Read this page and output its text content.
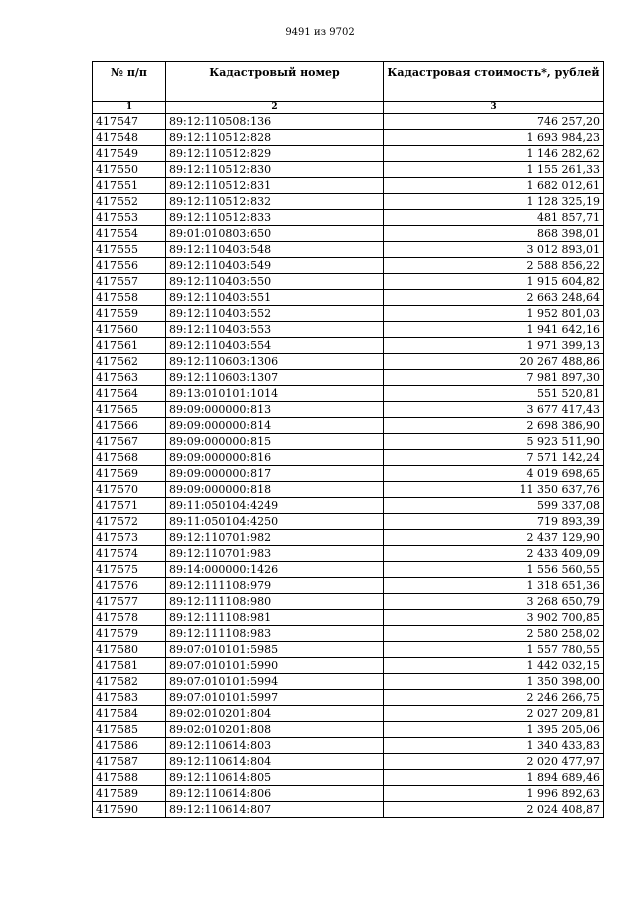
9491 из 9702
№ п/п	Кадастровый номер	Кадастровая стоимость*, рублей
1	2	3
417547	89:12:110508:136	746 257,20
417548	89:12:110512:828	1 693 984,23
417549	89:12:110512:829	1 146 282,62
417550	89:12:110512:830	1 155 261,33
417551	89:12:110512:831	1 682 012,61
417552	89:12:110512:832	1 128 325,19
417553	89:12:110512:833	481 857,71
417554	89:01:010803:650	868 398,01
417555	89:12:110403:548	3 012 893,01
417556	89:12:110403:549	2 588 856,22
417557	89:12:110403:550	1 915 604,82
417558	89:12:110403:551	2 663 248,64
417559	89:12:110403:552	1 952 801,03
417560	89:12:110403:553	1 941 642,16
417561	89:12:110403:554	1 971 399,13
417562	89:12:110603:1306	20 267 488,86
417563	89:12:110603:1307	7 981 897,30
417564	89:13:010101:1014	551 520,81
417565	89:09:000000:813	3 677 417,43
417566	89:09:000000:814	2 698 386,90
417567	89:09:000000:815	5 923 511,90
417568	89:09:000000:816	7 571 142,24
417569	89:09:000000:817	4 019 698,65
417570	89:09:000000:818	11 350 637,76
417571	89:11:050104:4249	599 337,08
417572	89:11:050104:4250	719 893,39
417573	89:12:110701:982	2 437 129,90
417574	89:12:110701:983	2 433 409,09
417575	89:14:000000:1426	1 556 560,55
417576	89:12:111108:979	1 318 651,36
417577	89:12:111108:980	3 268 650,79
417578	89:12:111108:981	3 902 700,85
417579	89:12:111108:983	2 580 258,02
417580	89:07:010101:5985	1 557 780,55
417581	89:07:010101:5990	1 442 032,15
417582	89:07:010101:5994	1 350 398,00
417583	89:07:010101:5997	2 246 266,75
417584	89:02:010201:804	2 027 209,81
417585	89:02:010201:808	1 395 205,06
417586	89:12:110614:803	1 340 433,83
417587	89:12:110614:804	2 020 477,97
417588	89:12:110614:805	1 894 689,46
417589	89:12:110614:806	1 996 892,63
417590	89:12:110614:807	2 024 408,87
